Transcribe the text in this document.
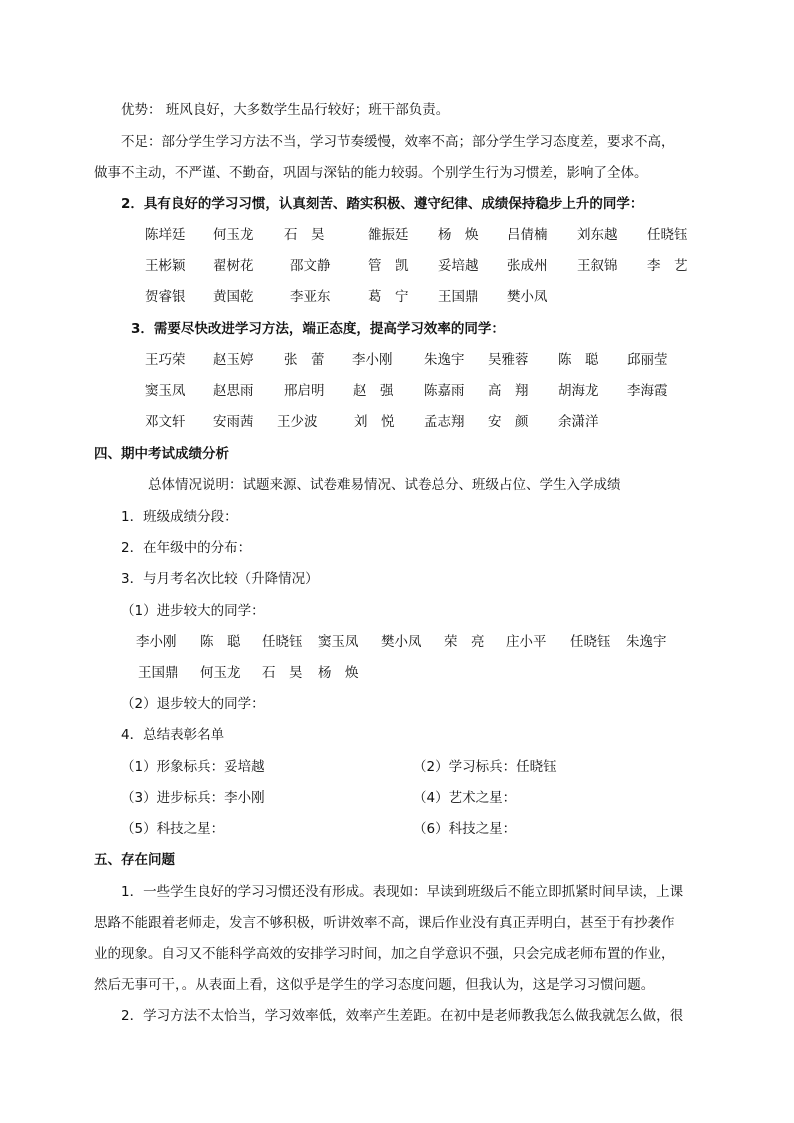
优势： 班风良好，大多数学生品行较好；班干部负责。
不足：部分学生学习方法不当，学习节奏缓慢，效率不高；部分学生学习态度差，要求不高，
做事不主动，不严谨、不勤奋，巩固与深钻的能力较弱。个别学生行为习惯差，影响了全体。
2．具有良好的学习习惯，认真刻苦、踏实积极、遵守纪律、成绩保持稳步上升的同学：
陈垟廷 何玉龙 石　昊	雒振廷 杨　焕 吕倩楠 刘东越 任晓钰
王彬颖 翟树花	邵文静	管　凯 妥培越 张成州 王叙锦 李　艺
贺睿银 黄国乾	李亚东	葛　宁 王国鼎 樊小凤
3．需要尽快改进学习方法，端正态度，提高学习效率的同学：
王巧荣 赵玉婷 张　蕾 李小刚 朱逸宇 吴雅蓉 陈　聪 邱丽莹
窦玉凤 赵思雨 邢启明 赵　强 陈嘉雨 高　翔 胡海龙 李海霞
邓文轩 安雨茜 王少波	刘　悦 孟志翔 安　颜 余潇洋
四、期中考试成绩分析
总体情况说明：试题来源、试卷难易情况、试卷总分、班级占位、学生入学成绩
1．班级成绩分段：
2．在年级中的分布：
3．与月考名次比较（升降情况）
（1）进步较大的同学：
李小刚 陈　聪 任晓钰 窦玉凤 樊小凤 荣　亮 庄小平 任晓钰 朱逸宇
王国鼎 何玉龙 石　昊 杨　焕
（2）退步较大的同学：
4．总结表彰名单
（1）形象标兵：妥培越	（2）学习标兵：任晓钰
（3）进步标兵：李小刚	（4）艺术之星：
（5）科技之星：	（6）科技之星：
五、存在问题
1．一些学生良好的学习习惯还没有形成。表现如：早读到班级后不能立即抓紧时间早读，上课
思路不能跟着老师走，发言不够积极，听讲效率不高，课后作业没有真正弄明白，甚至于有抄袭作
业的现象。自习又不能科学高效的安排学习时间，加之自学意识不强，只会完成老师布置的作业，
然后无事可干，。从表面上看，这似乎是学生的学习态度问题，但我认为，这是学习习惯问题。
2．学习方法不太恰当，学习效率低，效率产生差距。在初中是老师教我怎么做我就怎么做，很
